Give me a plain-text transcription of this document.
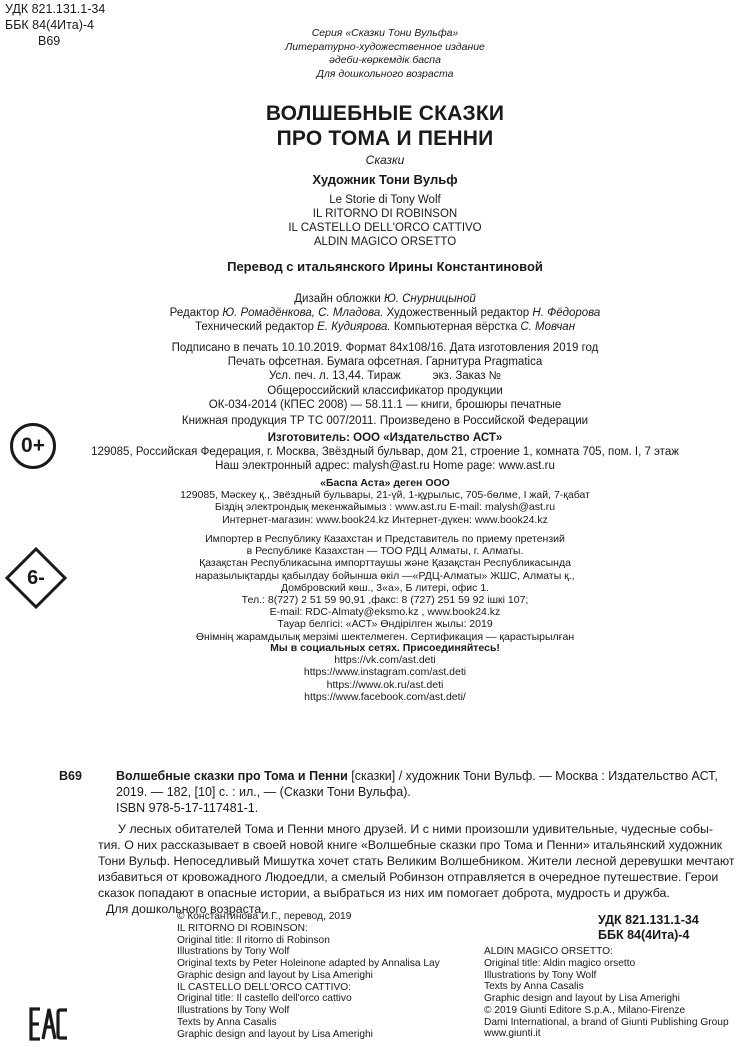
УДК 821.131.1-34
ББК 84(4Ита)-4
В69
Серия «Сказки Тони Вульфа»
Литературно-художественное издание
әдеби-көркемдік баспа
Для дошкольного возраста
ВОЛШЕБНЫЕ СКАЗКИ
ПРО ТОМА И ПЕННИ
Сказки
Художник Тони Вульф
Le Storie di Tony Wolf
IL RITORNO DI ROBINSON
IL CASTELLO DELL'ORCO CATTIVO
ALDIN MAGICO ORSETTO
Перевод с итальянского Ирины Константиновой
Дизайн обложки Ю. Снурницыной
Редактор Ю. Ромадёнкова, С. Младова. Художественный редактор Н. Фёдорова
Технический редактор Е. Кудиярова. Компьютерная вёрстка С. Мовчан
Подписано в печать 10.10.2019. Формат 84х108/16. Дата изготовления 2019 год
Печать офсетная. Бумага офсетная. Гарнитура Pragmatica
Усл. печ. л. 13,44. Тираж          экз. Заказ №
Общероссийский классификатор продукции
ОК-034-2014 (КПЕС 2008) — 58.11.1 — книги, брошюры печатные
Книжная продукция ТР ТС 007/2011. Произведено в Российской Федерации
Изготовитель: ООО «Издательство АСТ»
129085, Российская Федерация, г. Москва, Звёздный бульвар, дом 21, строение 1, комната 705, пом. I, 7 этаж
Наш электронный адрес: malysh@ast.ru Home page: www.ast.ru
«Баспа Аста» деген ООО
129085, Мәскеу қ., Звёздный бульвары, 21-үй, 1-құрылыс, 705-бөлме, I жай, 7-қабат
Біздің электрондық мекенжайымыз : www.ast.ru E-mail: malysh@ast.ru
Интернет-магазин: www.book24.kz Интернет-дүкен: www.book24.kz
Импортер в Республику Казахстан и Представитель по приему претензий
в Республике Казахстан — ТОО РДЦ Алматы, г. Алматы.
Қазақстан Республикасына импорттаушы және Қазақстан Республикасында
наразылықтарды қабылдау бойынша өкіл —«РДЦ-Алматы» ЖШС, Алматы қ.,
Домбровский көш., 3«а», Б литері, офис 1.
Тел.: 8(727) 2 51 59 90,91 ,факс: 8 (727) 251 59 92 ішкі 107;
E-mail: RDC-Almaty@eksmo.kz , www.book24.kz
Тауар белгісі: «АСТ» Өндірілген жылы: 2019
Өнімнің жарамдылық мерзімі шектелмеген. Сертификация — қарастырылған
Мы в социальных сетях. Присоединяйтесь!
https://vk.com/ast.deti
https://www.instagram.com/ast.deti
https://www.ok.ru/ast.deti
https://www.facebook.com/ast.deti/
0+
6-
В69	Волшебные сказки про Тома и Пенни [сказки] / художник Тони Вульф. — Москва : Издательство АСТ,
2019. — 182, [10] с. : ил., — (Сказки Тони Вульфа).
ISBN 978-5-17-117481-1.
У лесных обитателей Тома и Пенни много друзей. И с ними произошли удивительные, чудесные собы-
тия. О них рассказывает в своей новой книге «Волшебные сказки про Тома и Пенни» итальянский художник
Тони Вульф. Непоседливый Мишутка хочет стать Великим Волшебником. Жители лесной деревушки мечтают
избавиться от кровожадного Людоедли, а смелый Робинзон отправляется в очередное путешествие. Герои
сказок попадают в опасные истории, а выбраться из них им помогает доброта, мудрость и дружба.
Для дошкольного возраста.
© Константинова И.Г., перевод, 2019
IL RITORNO DI ROBINSON:
Original title: Il ritorno di Robinson
Illustrations by Tony Wolf
Original texts by Peter Holeinone adapted by Annalisa Lay
Graphic design and layout by Lisa Amerighi
IL CASTELLO DELL'ORCO CATTIVO:
Original title: Il castello dell'orco cattivo
Illustrations by Tony Wolf
Texts by Anna Casalis
Graphic design and layout by Lisa Amerighi
УДК 821.131.1-34
ББК 84(4Ита)-4
ALDIN MAGICO ORSETTO:
Original title: Aldin magico orsetto
Illustrations by Tony Wolf
Texts by Anna Casalis
Graphic design and layout by Lisa Amerighi
© 2019 Giunti Editore S.p.A., Milano-Firenze
Dami International, a brand of Giunti Publishing Group
www.giunti.it
